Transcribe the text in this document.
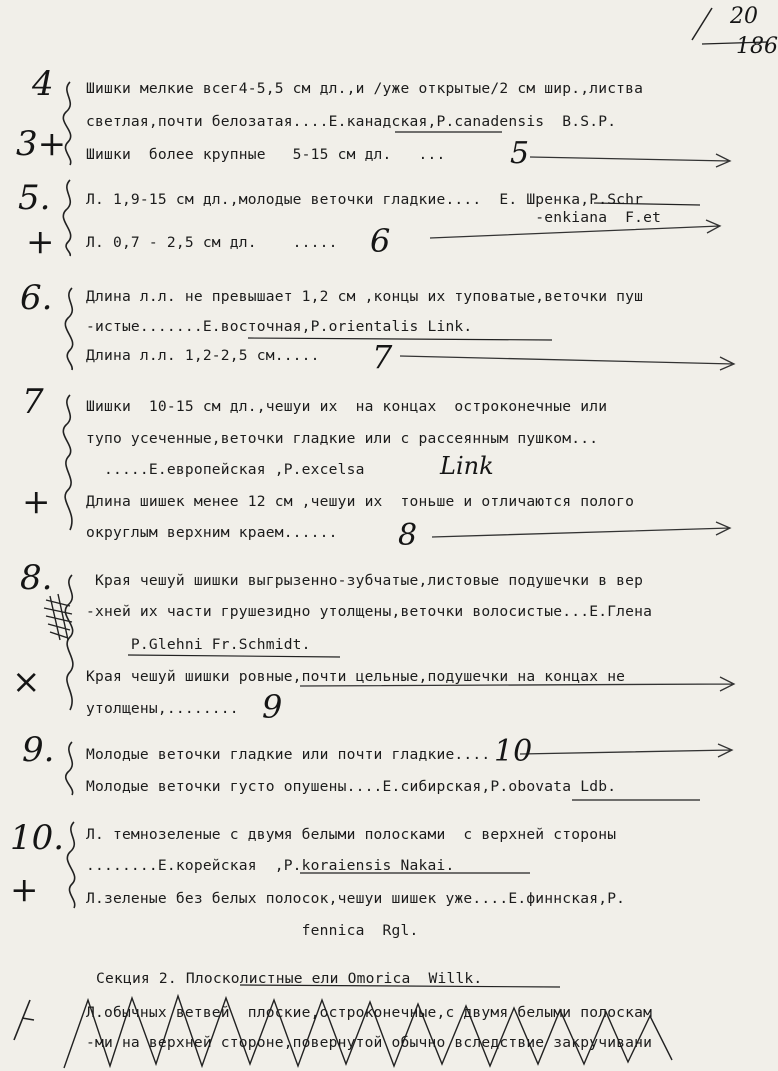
20
186
4
3+
Шишки мелкие всег4-5,5 см дл.,и /уже открытые/2 см шир.,листва
светлая,почти белозатая....Е.канадская,P.canadensis  B.S.P.
Шишки  более крупные   5-15 см дл.   ... 5
5.
+
Л. 1,9-15 см дл.,молодые веточки гладкие....  Е. Шренка,P.Schr
-enkiana  F.et
Л. 0,7 - 2,5 см дл.    ..... 6
6. Длина л.л. не превышает 1,2 см ,концы их туповатые,веточки пуш
-истые.......Е.восточная,P.orientalis Link.
Длина л.л. 1,2-2,5 см..... 7
7
+
Шишки  10-15 см дл.,чешуи их  на концах  остроконечные или
тупо усеченные,веточки гладкие или с рассеянным пушком...
.....Е.европейская ,P.excelsa	Link
Длина шишек менее 12 см ,чешуи их  тоньше и отличаются полого
округлым верхним краем...... 8
8.
×
Края чешуй шишки выгрызенно-зубчатые,листовые подушечки в вер
-хней их части грушезидно утолщены,веточки волосистые...Е.Глена
P.Glehni Fr.Schmidt.
Края чешуй шишки ровные,почти цельные,подушечки на концах не
утолщены,........ 9
9. Молодые веточки гладкие или почти гладкие.... 10
Молодые веточки густо опушены....Е.сибирская,P.obovata Ldb.
10.
+
Л. темнозеленые с двумя белыми полосками  с верхней стороны
........Е.корейская  ,P.koraiensis Nakai.
Л.зеленые без белых полосок,чешуи шишек уже....Е.финнская,P.
fennica  Rgl.
Секция 2. Плосколистные ели Omorica  Willk.
Л.обычных ветвей  плоские,остроконечные,с двумя белыми полоскам
-ми на верхней стороне,повернутой обычно вследствие закручивани
